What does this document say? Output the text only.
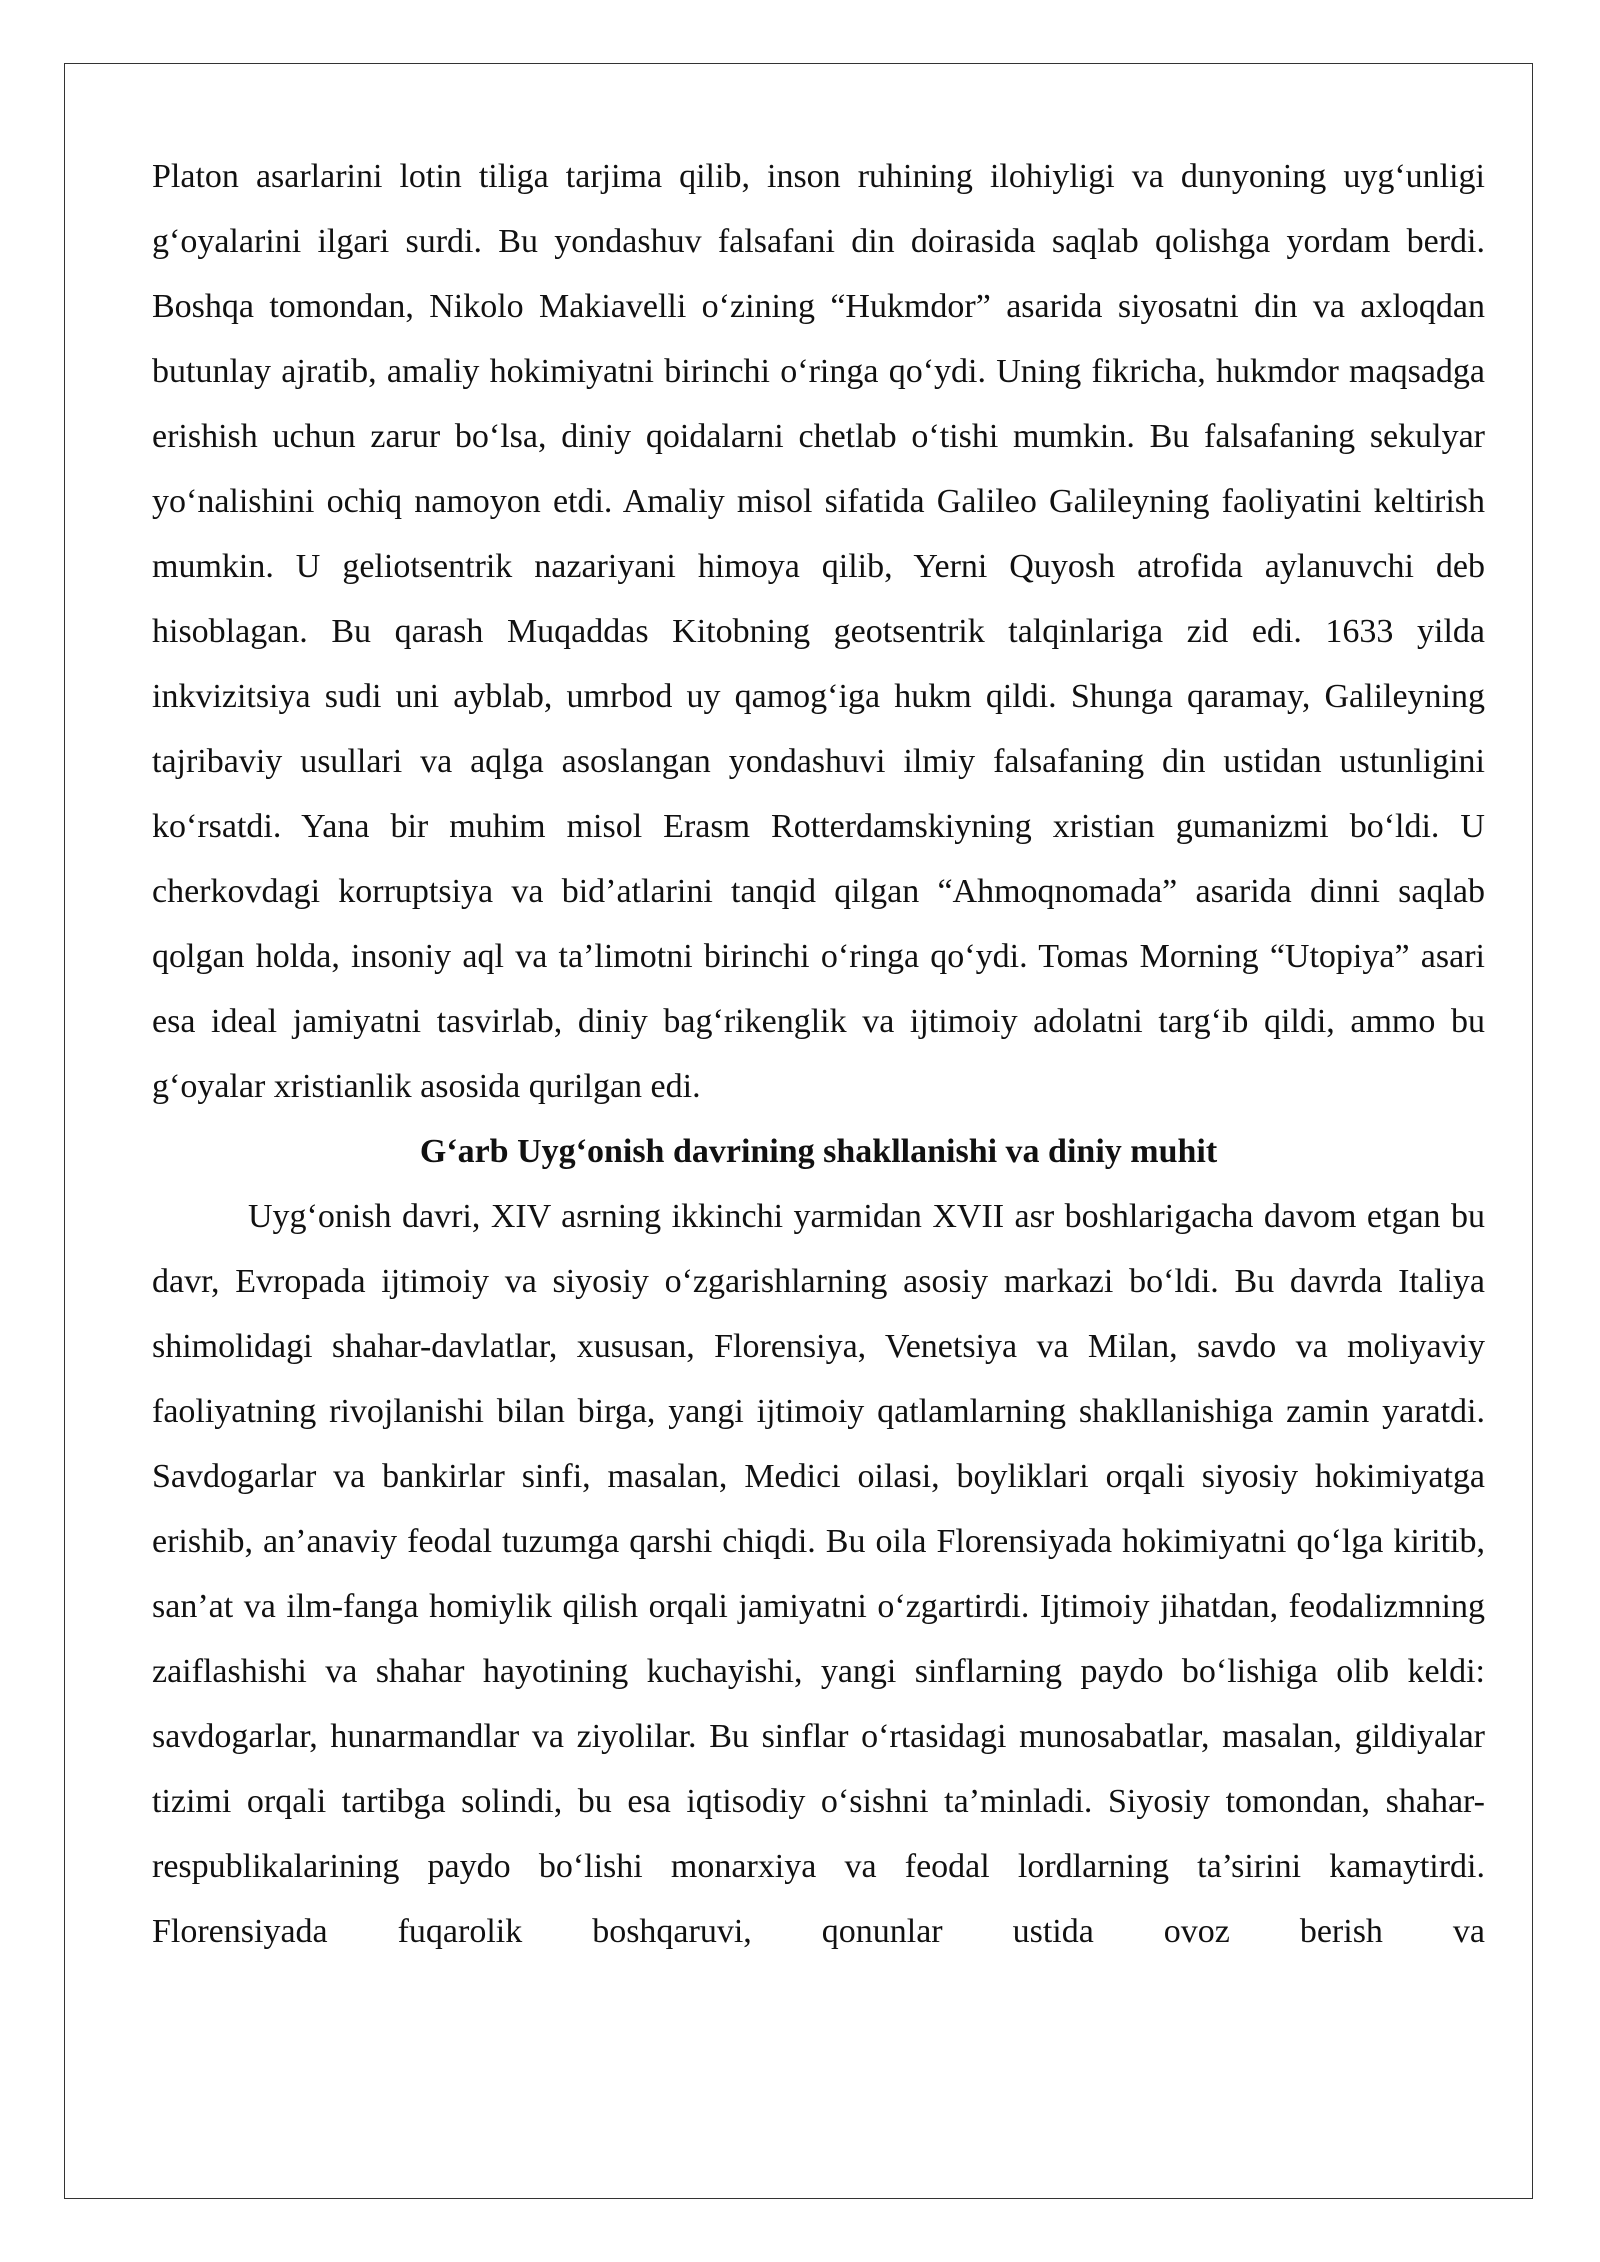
Platon asarlarini lotin tiliga tarjima qilib, inson ruhining ilohiyligi va dunyoning uyg‘unligi g‘oyalarini ilgari surdi. Bu yondashuv falsafani din doirasida saqlab qolishga yordam berdi. Boshqa tomondan, Nikolo Makiavelli o‘zining “Hukmdor” asarida siyosatni din va axloqdan butunlay ajratib, amaliy hokimiyatni birinchi o‘ringa qo‘ydi. Uning fikricha, hukmdor maqsadga erishish uchun zarur bo‘lsa, diniy qoidalarni chetlab o‘tishi mumkin. Bu falsafaning sekulyar yo‘nalishini ochiq namoyon etdi. Amaliy misol sifatida Galileo Galileyning faoliyatini keltirish mumkin. U geliotsentrik nazariyani himoya qilib, Yerni Quyosh atrofida aylanuvchi deb hisoblagan. Bu qarash Muqaddas Kitobning geotsentrik talqinlariga zid edi. 1633 yilda inkvizitsiya sudi uni ayblab, umrbod uy qamog‘iga hukm qildi. Shunga qaramay, Galileyning tajribaviy usullari va aqlga asoslangan yondashuvi ilmiy falsafaning din ustidan ustunligini ko‘rsatdi. Yana bir muhim misol Erasm Rotterdamskiyning xristian gumanizmi bo‘ldi. U cherkovdagi korruptsiya va bid’atlarini tanqid qilgan “Ahmoqnomada” asarida dinni saqlab qolgan holda, insoniy aql va ta’limotni birinchi o‘ringa qo‘ydi. Tomas Morning “Utopiya” asari esa ideal jamiyatni tasvirlab, diniy bag‘rikenglik va ijtimoiy adolatni targ‘ib qildi, ammo bu g‘oyalar xristianlik asosida qurilgan edi.

G‘arb Uyg‘onish davrining shakllanishi va diniy muhit

Uyg‘onish davri, XIV asrning ikkinchi yarmidan XVII asr boshlarigacha davom etgan bu davr, Evropada ijtimoiy va siyosiy o‘zgarishlarning asosiy markazi bo‘ldi. Bu davrda Italiya shimolidagi shahar-davlatlar, xususan, Florensiya, Venetsiya va Milan, savdo va moliyaviy faoliyatning rivojlanishi bilan birga, yangi ijtimoiy qatlamlarning shakllanishiga zamin yaratdi. Savdogarlar va bankirlar sinfi, masalan, Medici oilasi, boyliklari orqali siyosiy hokimiyatga erishib, an’anaviy feodal tuzumga qarshi chiqdi. Bu oila Florensiyada hokimiyatni qo‘lga kiritib, san’at va ilm-fanga homiylik qilish orqali jamiyatni o‘zgartirdi. Ijtimoiy jihatdan, feodalizmning zaiflashishi va shahar hayotining kuchayishi, yangi sinflarning paydo bo‘lishiga olib keldi: savdogarlar, hunarmandlar va ziyolilar. Bu sinflar o‘rtasidagi munosabatlar, masalan, gildiyalar tizimi orqali tartibga solindi, bu esa iqtisodiy o‘sishni ta’minladi. Siyosiy tomondan, shahar-respublikalarining paydo bo‘lishi monarxiya va feodal lordlarning ta’sirini kamaytirdi. Florensiyada fuqarolik boshqaruvi, qonunlar ustida ovoz berish va
